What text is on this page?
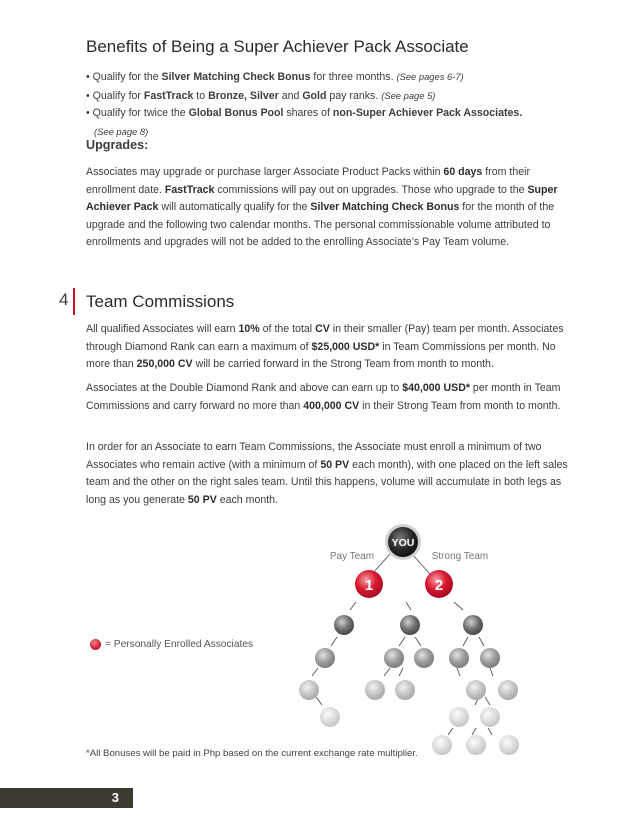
Benefits of Being a Super Achiever Pack Associate
• Qualify for the Silver Matching Check Bonus for three months. (See pages 6-7)
• Qualify for FastTrack to Bronze, Silver and Gold pay ranks. (See page 5)
• Qualify for twice the Global Bonus Pool shares of non-Super Achiever Pack Associates.
(See page 8)
Upgrades:

Associates may upgrade or purchase larger Associate Product Packs within 60 days from their enrollment date. FastTrack commissions will pay out on upgrades. Those who upgrade to the Super Achiever Pack will automatically qualify for the Silver Matching Check Bonus for the month of the upgrade and the following two calendar months. The personal commissionable volume attributed to enrollments and upgrades will not be added to the enrolling Associate’s Pay Team volume.

4 Team Commissions

All qualified Associates will earn 10% of the total CV in their smaller (Pay) team per month. Associates through Diamond Rank can earn a maximum of $25,000 USD* in Team Commissions per month. No more than 250,000 CV will be carried forward in the Strong Team from month to month.

Associates at the Double Diamond Rank and above can earn up to $40,000 USD* per month in Team Commissions and carry forward no more than 400,000 CV in their Strong Team from month to month.

In order for an Associate to earn Team Commissions, the Associate must enroll a minimum of two Associates who remain active (with a minimum of 50 PV each month), with one placed on the left sales team and the other on the right sales team. Until this happens, volume will accumulate in both legs as long as you generate 50 PV each month.

Pay Team	Strong Team
YOU
1	2
= Personally Enrolled Associates
*All Bonuses will be paid in Php based on the current exchange rate multiplier.
3
